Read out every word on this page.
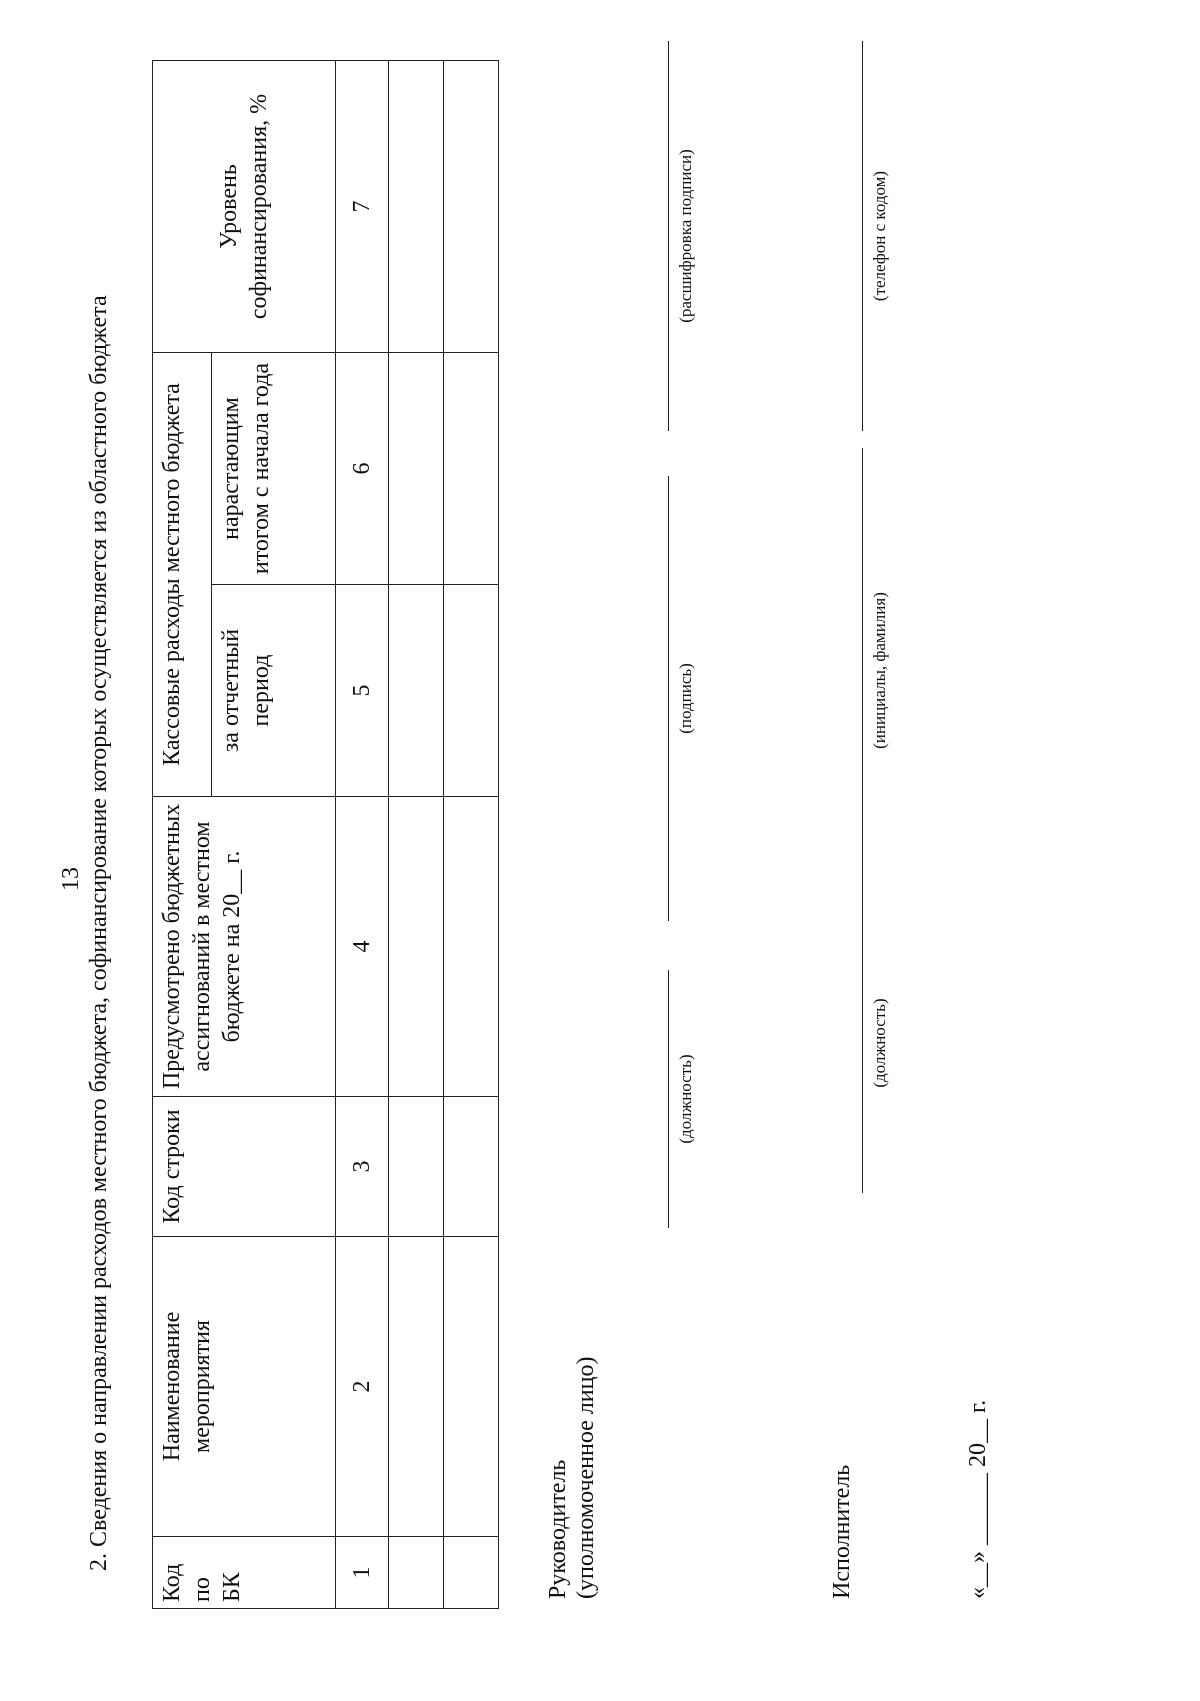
13 2. Сведения о направлении расходов местного бюджета, софинансирование которых осуществляется из областного бюджета
Код по БК	Наименование мероприятия	Код строки	Предусмотрено бюджетных ассигнований в местном бюджете на 20__ г.	Кассовые расходы местного бюджета		Уровень софинансирования, %
				за отчетный период	нарастающим итогом с начала года	
1	2	3	4	5	6	7

Руководитель (уполномоченное лицо)
(должность)
(подпись)
(расшифровка подписи)
Исполнитель
(должность)
(инициалы, фамилия)
(телефон с кодом)
«__» ______ 20__ г.
